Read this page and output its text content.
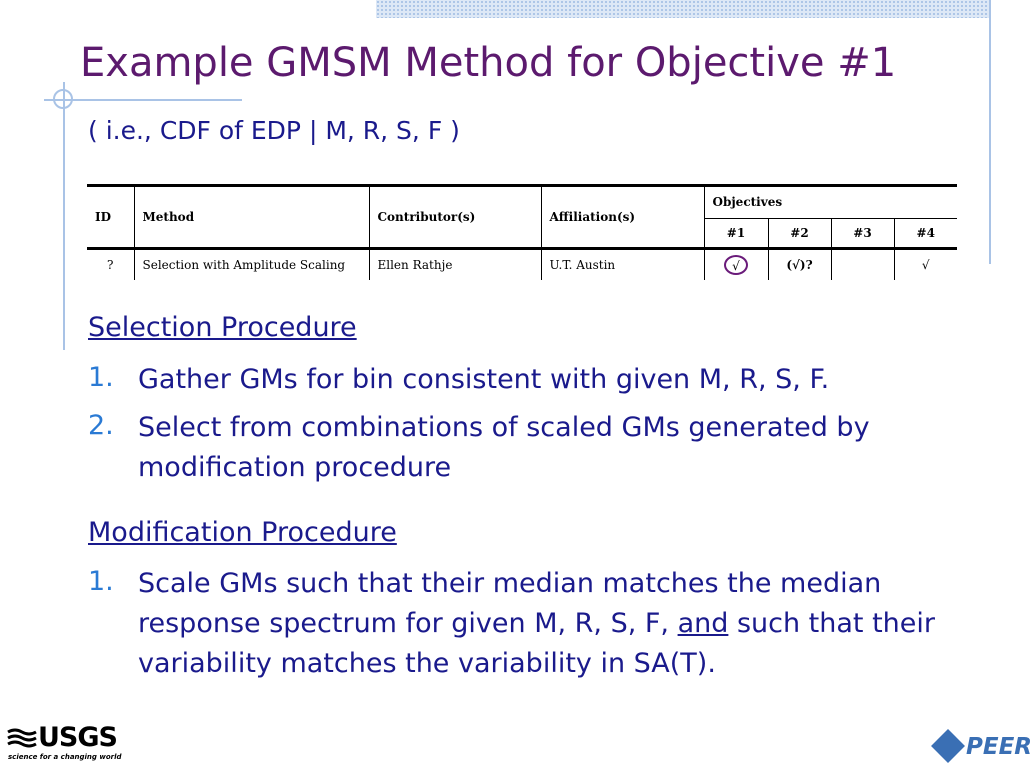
Example GMSM Method for Objective #1
( i.e., CDF of EDP | M, R, S, F )
ID	Method	Contributor(s)	Affiliation(s)	Objectives			
				#1	#2	#3	#4
?	Selection with Amplitude Scaling	Ellen Rathje	U.T. Austin	√	(√)?		√
Selection Procedure
1. Gather GMs for bin consistent with given M, R, S, F.
2. Select from combinations of scaled GMs generated by modification procedure
Modification Procedure
1. Scale GMs such that their median matches the median response spectrum for given M, R, S, F, and such that their variability matches the variability in SA(T).
USGS
science for a changing world	PEER
